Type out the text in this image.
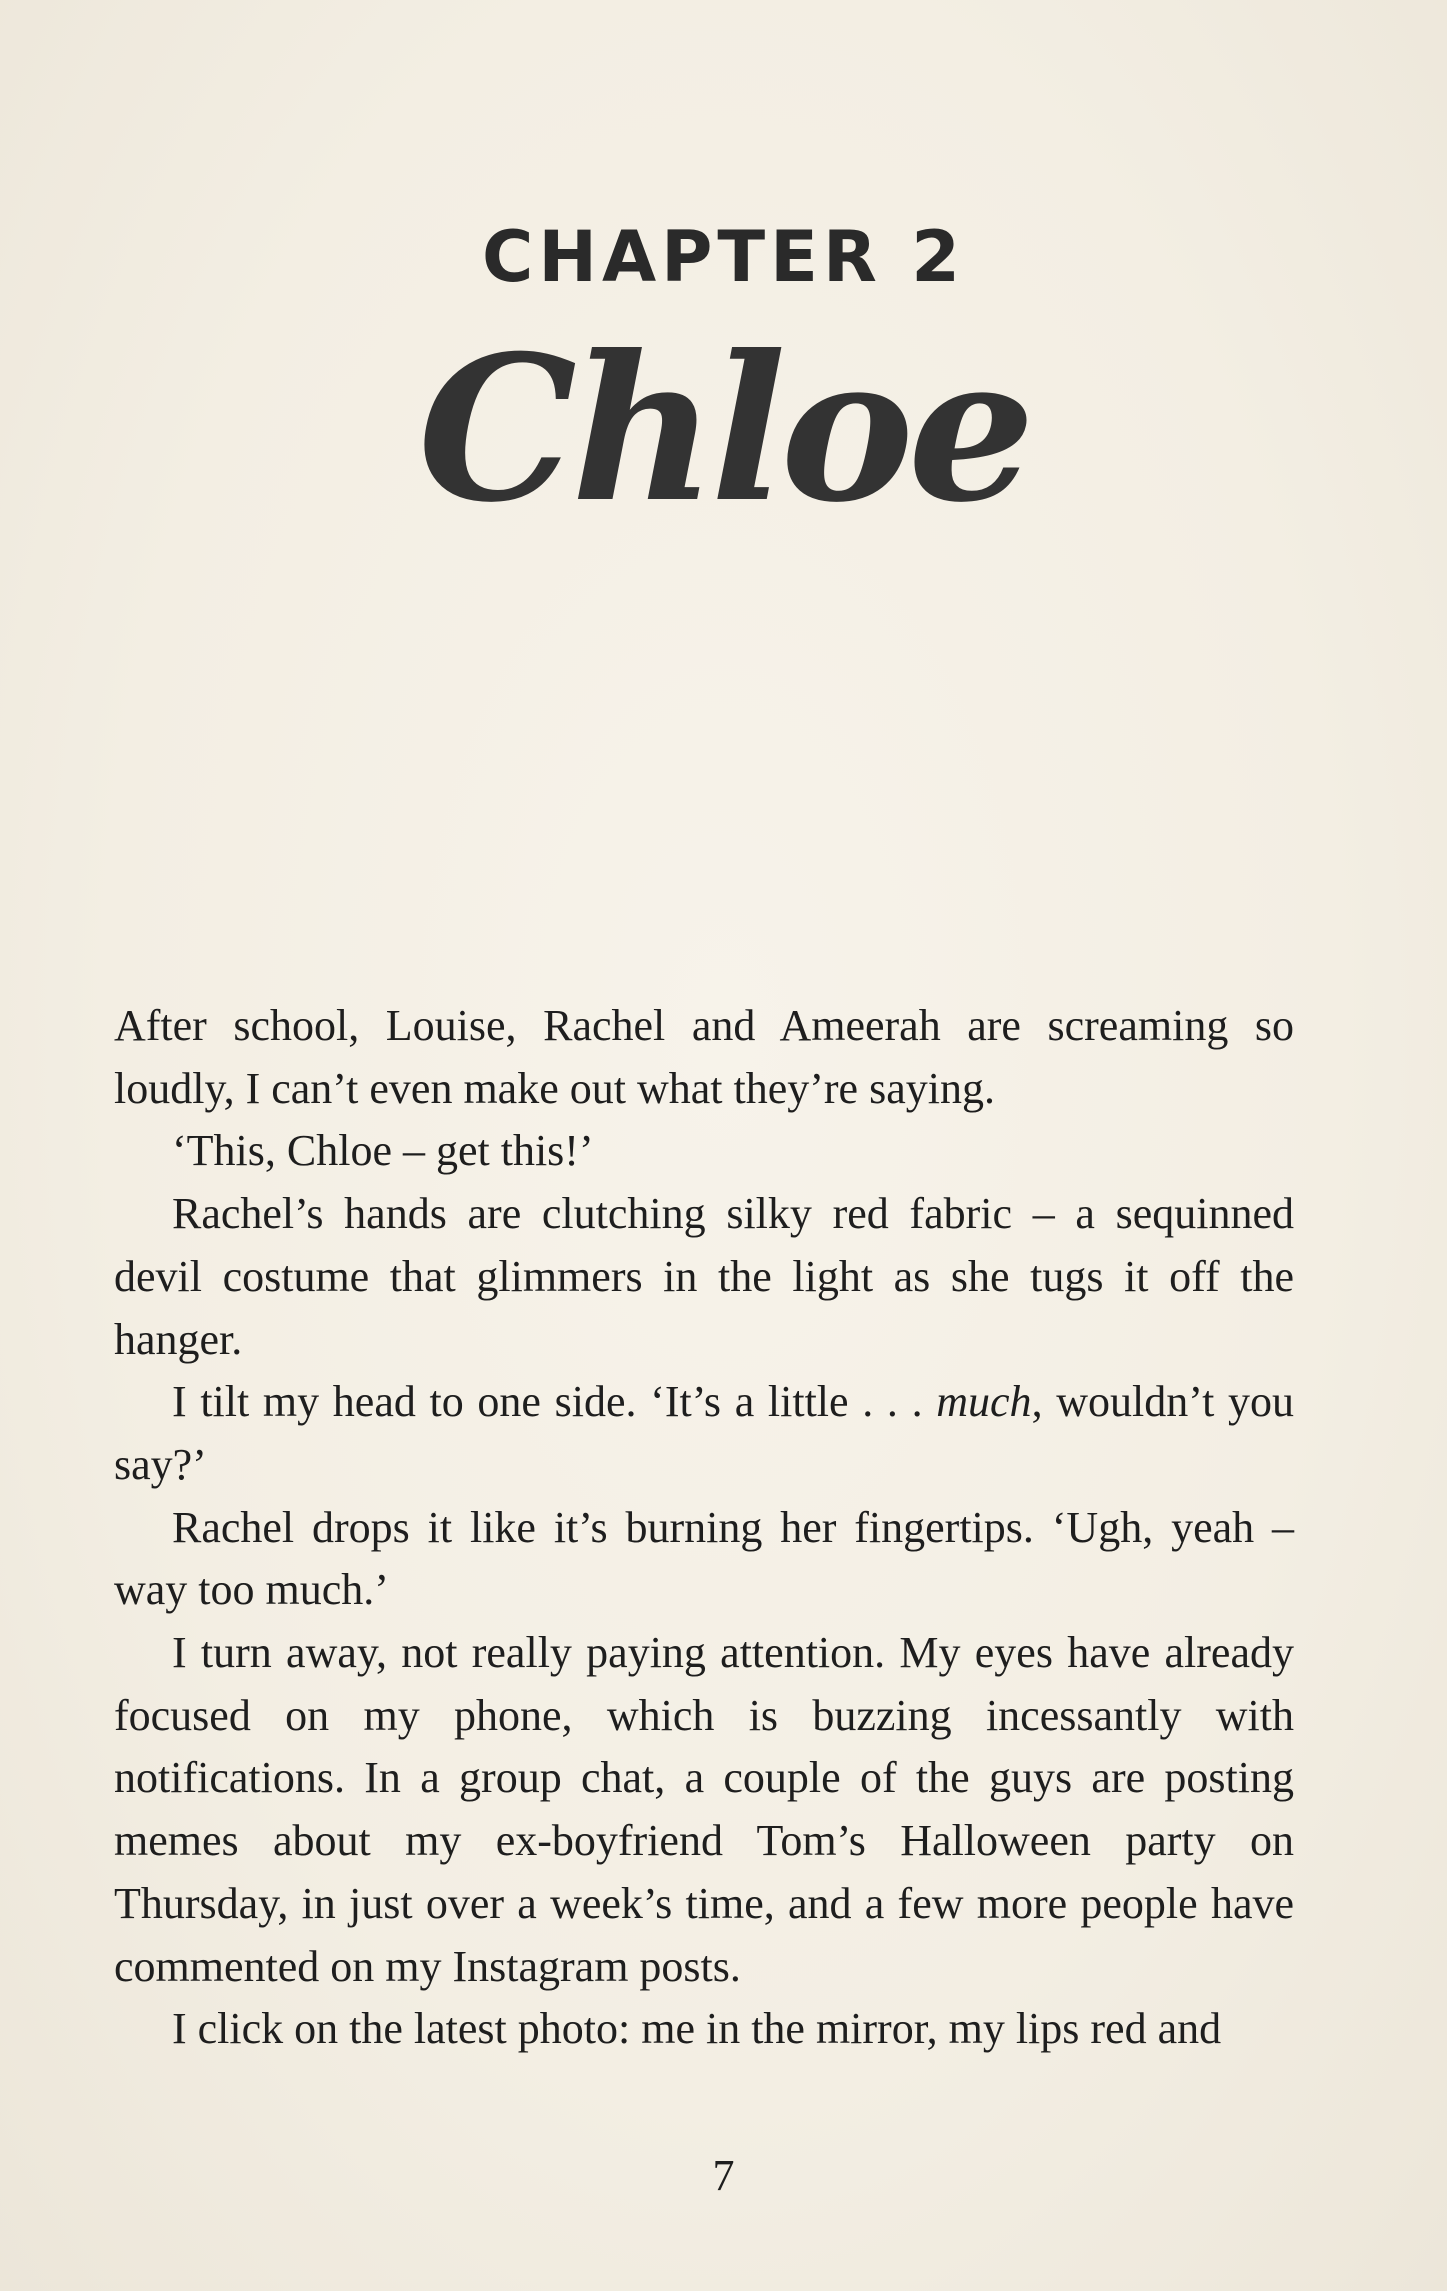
CHAPTER 2
Chloe

After school, Louise, Rachel and Ameerah are screaming so loudly, I can’t even make out what they’re saying.

‘This, Chloe – get this!’

Rachel’s hands are clutching silky red fabric – a sequinned devil costume that glimmers in the light as she tugs it off the hanger.

I tilt my head to one side. ‘It’s a little . . . much, wouldn’t you say?’

Rachel drops it like it’s burning her fingertips. ‘Ugh, yeah – way too much.’

I turn away, not really paying attention. My eyes have already focused on my phone, which is buzzing incessantly with notifications. In a group chat, a couple of the guys are posting memes about my ex-boyfriend Tom’s Halloween party on Thursday, in just over a week’s time, and a few more people have commented on my Instagram posts.

I click on the latest photo: me in the mirror, my lips red and

7
